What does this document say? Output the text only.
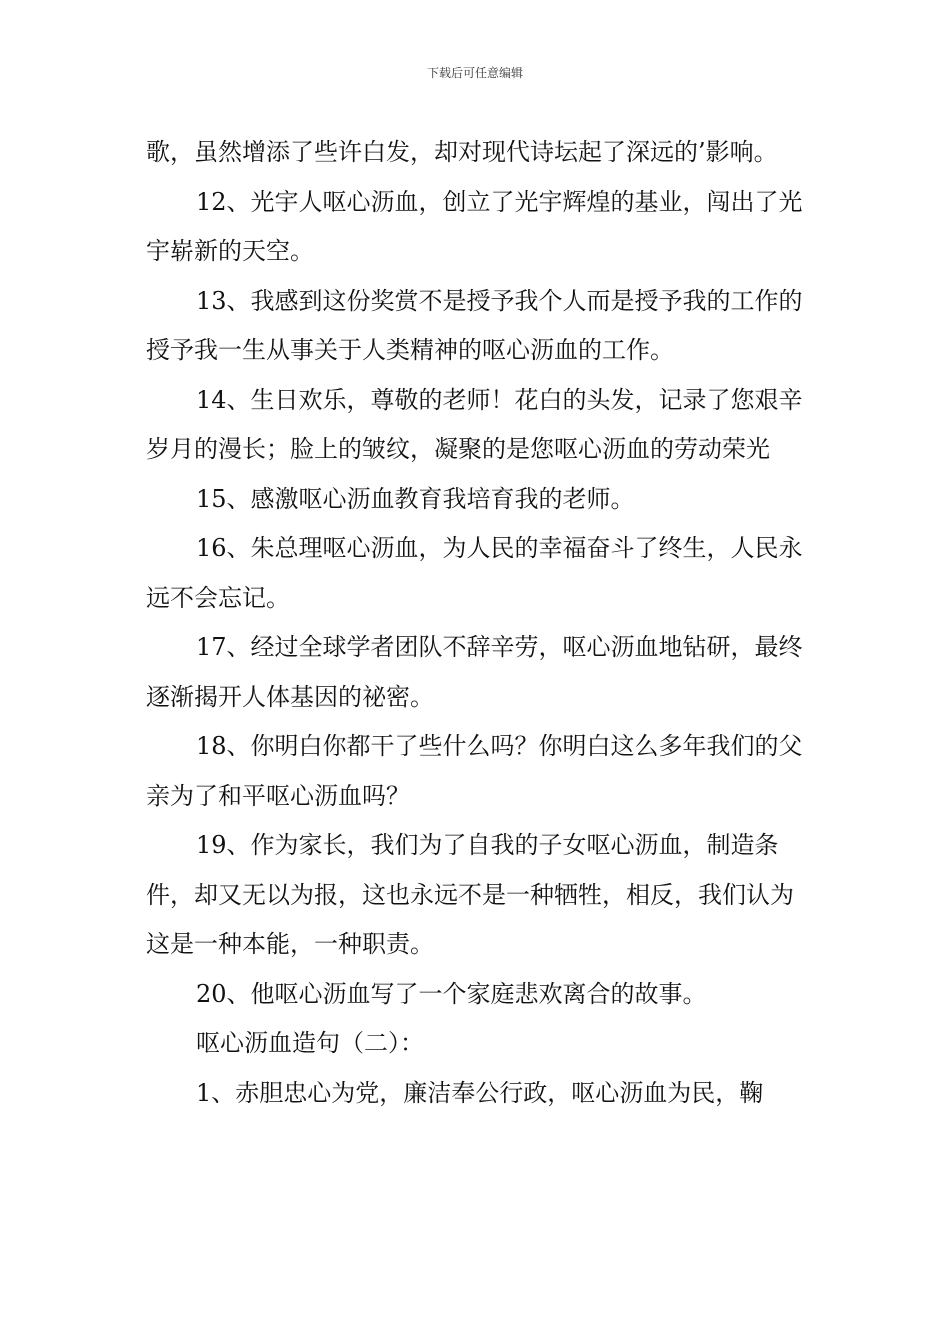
下载后可任意编辑

歌，虽然增添了些许白发，却对现代诗坛起了深远的’影响。

12、光宇人呕心沥血，创立了光宇辉煌的基业，闯出了光宇崭新的天空。

13、我感到这份奖赏不是授予我个人而是授予我的工作的授予我一生从事关于人类精神的呕心沥血的工作。

14、生日欢乐，尊敬的老师！花白的头发，记录了您艰辛岁月的漫长；脸上的皱纹，凝聚的是您呕心沥血的劳动荣光

15、感激呕心沥血教育我培育我的老师。

16、朱总理呕心沥血，为人民的幸福奋斗了终生，人民永远不会忘记。

17、经过全球学者团队不辞辛劳，呕心沥血地钻研，最终逐渐揭开人体基因的祕密。

18、你明白你都干了些什么吗？你明白这么多年我们的父亲为了和平呕心沥血吗？

19、作为家长，我们为了自我的子女呕心沥血，制造条件，却又无以为报，这也永远不是一种牺牲，相反，我们认为这是一种本能，一种职责。

20、他呕心沥血写了一个家庭悲欢离合的故事。

呕心沥血造句（二）：

1、赤胆忠心为党，廉洁奉公行政，呕心沥血为民，鞠
